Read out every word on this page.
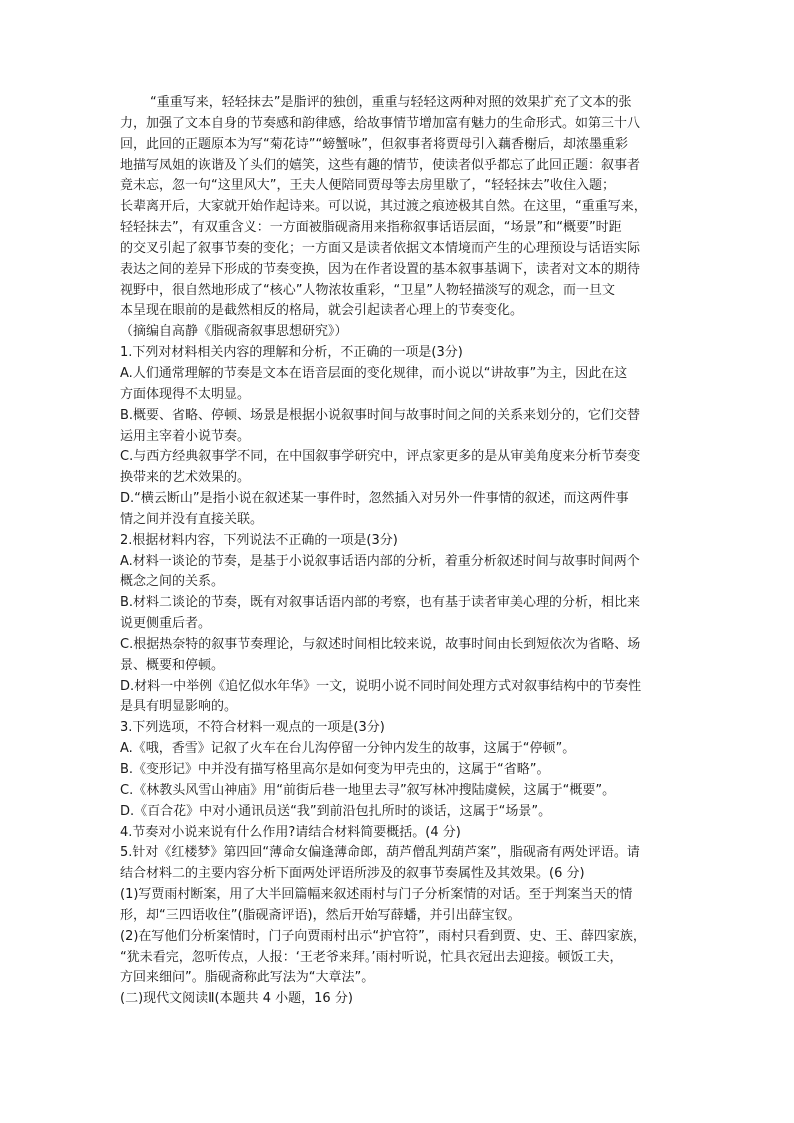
“重重写来，轻轻抹去”是脂评的独创，重重与轻轻这两种对照的效果扩充了文本的张
力，加强了文本自身的节奏感和韵律感，给故事情节增加富有魅力的生命形式。如第三十八
回，此回的正题原本为写“菊花诗”“螃蟹咏”，但叙事者将贾母引入藕香榭后，却浓墨重彩
地描写凤姐的诙谐及丫头们的嬉笑，这些有趣的情节，使读者似乎都忘了此回正题：叙事者
竟未忘，忽一句“这里风大”，王夫人便陪同贾母等去房里歇了，“轻轻抹去”收住入题；
长辈离开后，大家就开始作起诗来。可以说，其过渡之痕迹极其自然。在这里，“重重写来，
轻轻抹去”，有双重含义：一方面被脂砚斋用来指称叙事话语层面，“场景”和“概要”时距
的交叉引起了叙事节奏的变化；一方面又是读者依据文本情境而产生的心理预设与话语实际
表达之间的差异下形成的节奏变换，因为在作者设置的基本叙事基调下，读者对文本的期待
视野中，很自然地形成了“核心”人物浓妆重彩，“卫星”人物轻描淡写的观念，而一旦文
本呈现在眼前的是截然相反的格局，就会引起读者心理上的节奏变化。
（摘编自高静《脂砚斋叙事思想研究》）
1.下列对材料相关内容的理解和分析，不正确的一项是(3分)
A.人们通常理解的节奏是文本在语音层面的变化规律，而小说以“讲故事”为主，因此在这
方面体现得不太明显。
B.概要、省略、停顿、场景是根据小说叙事时间与故事时间之间的关系来划分的，它们交替
运用主宰着小说节奏。
C.与西方经典叙事学不同，在中国叙事学研究中，评点家更多的是从审美角度来分析节奏变
换带来的艺术效果的。
D.“横云断山”是指小说在叙述某一事件时，忽然插入对另外一件事情的叙述，而这两件事
情之间并没有直接关联。
2.根据材料内容，下列说法不正确的一项是(3分)
A.材料一谈论的节奏，是基于小说叙事话语内部的分析，着重分析叙述时间与故事时间两个
概念之间的关系。
B.材料二谈论的节奏，既有对叙事话语内部的考察，也有基于读者审美心理的分析，相比来
说更侧重后者。
C.根据热奈特的叙事节奏理论，与叙述时间相比较来说，故事时间由长到短依次为省略、场
景、概要和停顿。
D.材料一中举例《追忆似水年华》一文，说明小说不同时间处理方式对叙事结构中的节奏性
是具有明显影响的。
3.下列选项，不符合材料一观点的一项是(3分)
A.《哦，香雪》记叙了火车在台儿沟停留一分钟内发生的故事，这属于“停顿”。
B.《变形记》中并没有描写格里高尔是如何变为甲壳虫的，这属于“省略”。
C.《林教头风雪山神庙》用“前街后巷一地里去寻”叙写林冲搜陆虞候，这属于“概要”。
D.《百合花》中对小通讯员送“我”到前沿包扎所时的谈话，这属于“场景”。
4.节奏对小说来说有什么作用?请结合材料简要概括。(4 分)
5.针对《红楼梦》第四回“薄命女偏逢薄命郎，葫芦僧乱判葫芦案”，脂砚斋有两处评语。请
结合材料二的主要内容分析下面两处评语所涉及的叙事节奏属性及其效果。(6 分)
(1)写贾雨村断案，用了大半回篇幅来叙述雨村与门子分析案情的对话。至于判案当天的情
形，却“三四语收住”(脂砚斋评语)，然后开始写薛蟠，并引出薛宝钗。
(2)在写他们分析案情时，门子向贾雨村出示“护官符”，雨村只看到贾、史、王、薛四家族，
“犹未看完，忽听传点，人报：‘王老爷来拜。’雨村听说，忙具衣冠出去迎接。顿饭工夫，
方回来细问”。脂砚斋称此写法为“大章法”。
(二)现代文阅读Ⅱ(本题共 4 小题，16 分)
